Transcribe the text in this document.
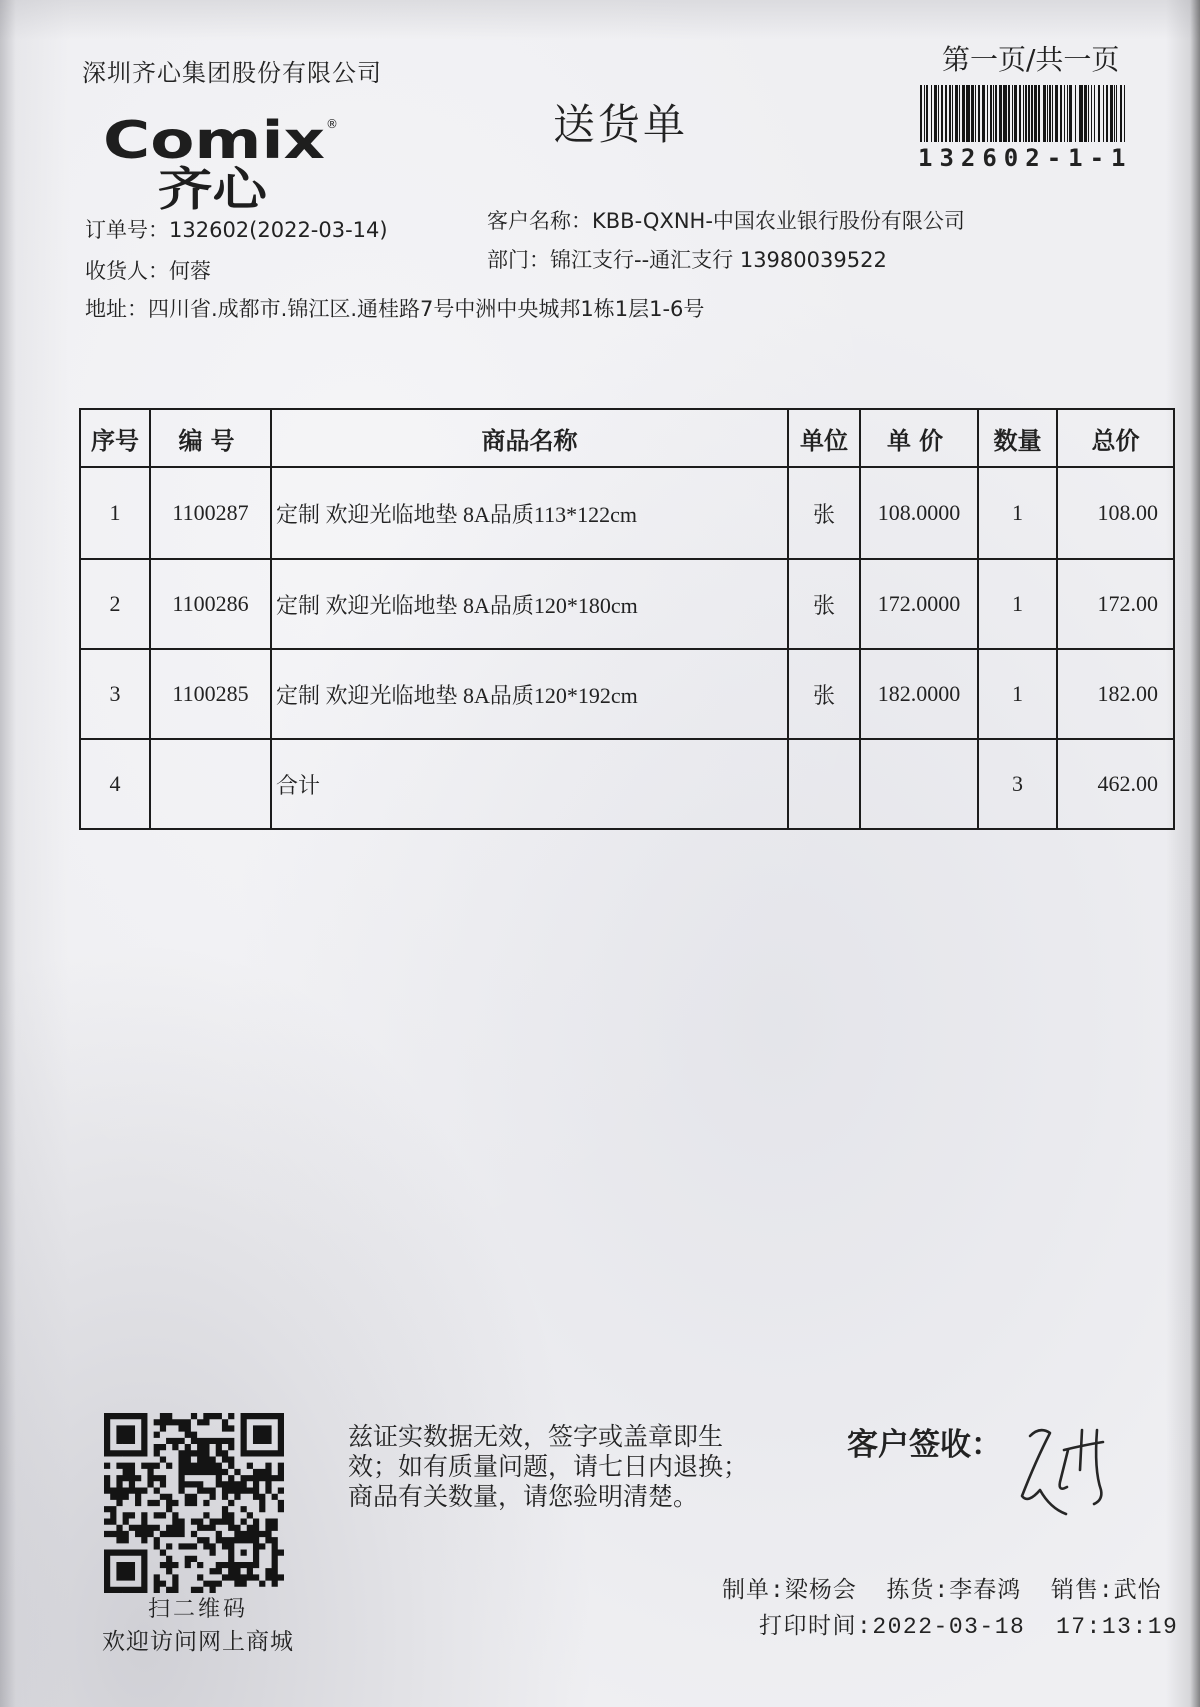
深圳齐心集团股份有限公司
Comix ®
齐心
送货单
第一页/共一页
132602-1-1
订单号：132602(2022-03-14)	客户名称：KBB-QXNH-中国农业银行股份有限公司
收货人：何蓉	部门：锦江支行--通汇支行 13980039522
地址：四川省.成都市.锦江区.通桂路7号中洲中央城邦1栋1层1-6号
序号	编号	商品名称	单位	单价	数量	总价
1	1100287	定制 欢迎光临地垫 8A品质113*122cm	张	108.0000	1	108.00
2	1100286	定制 欢迎光临地垫 8A品质120*180cm	张	172.0000	1	172.00
3	1100285	定制 欢迎光临地垫 8A品质120*192cm	张	182.0000	1	182.00
4		合计			3	462.00
扫二维码
欢迎访问网上商城
兹证实数据无效，签字或盖章即生
效；如有质量问题，请七日内退换；
商品有关数量，请您验明清楚。
客户签收：
制单:梁杨会 拣货:李春鸿 销售:武怡
打印时间:2022-03-18  17:13:19
